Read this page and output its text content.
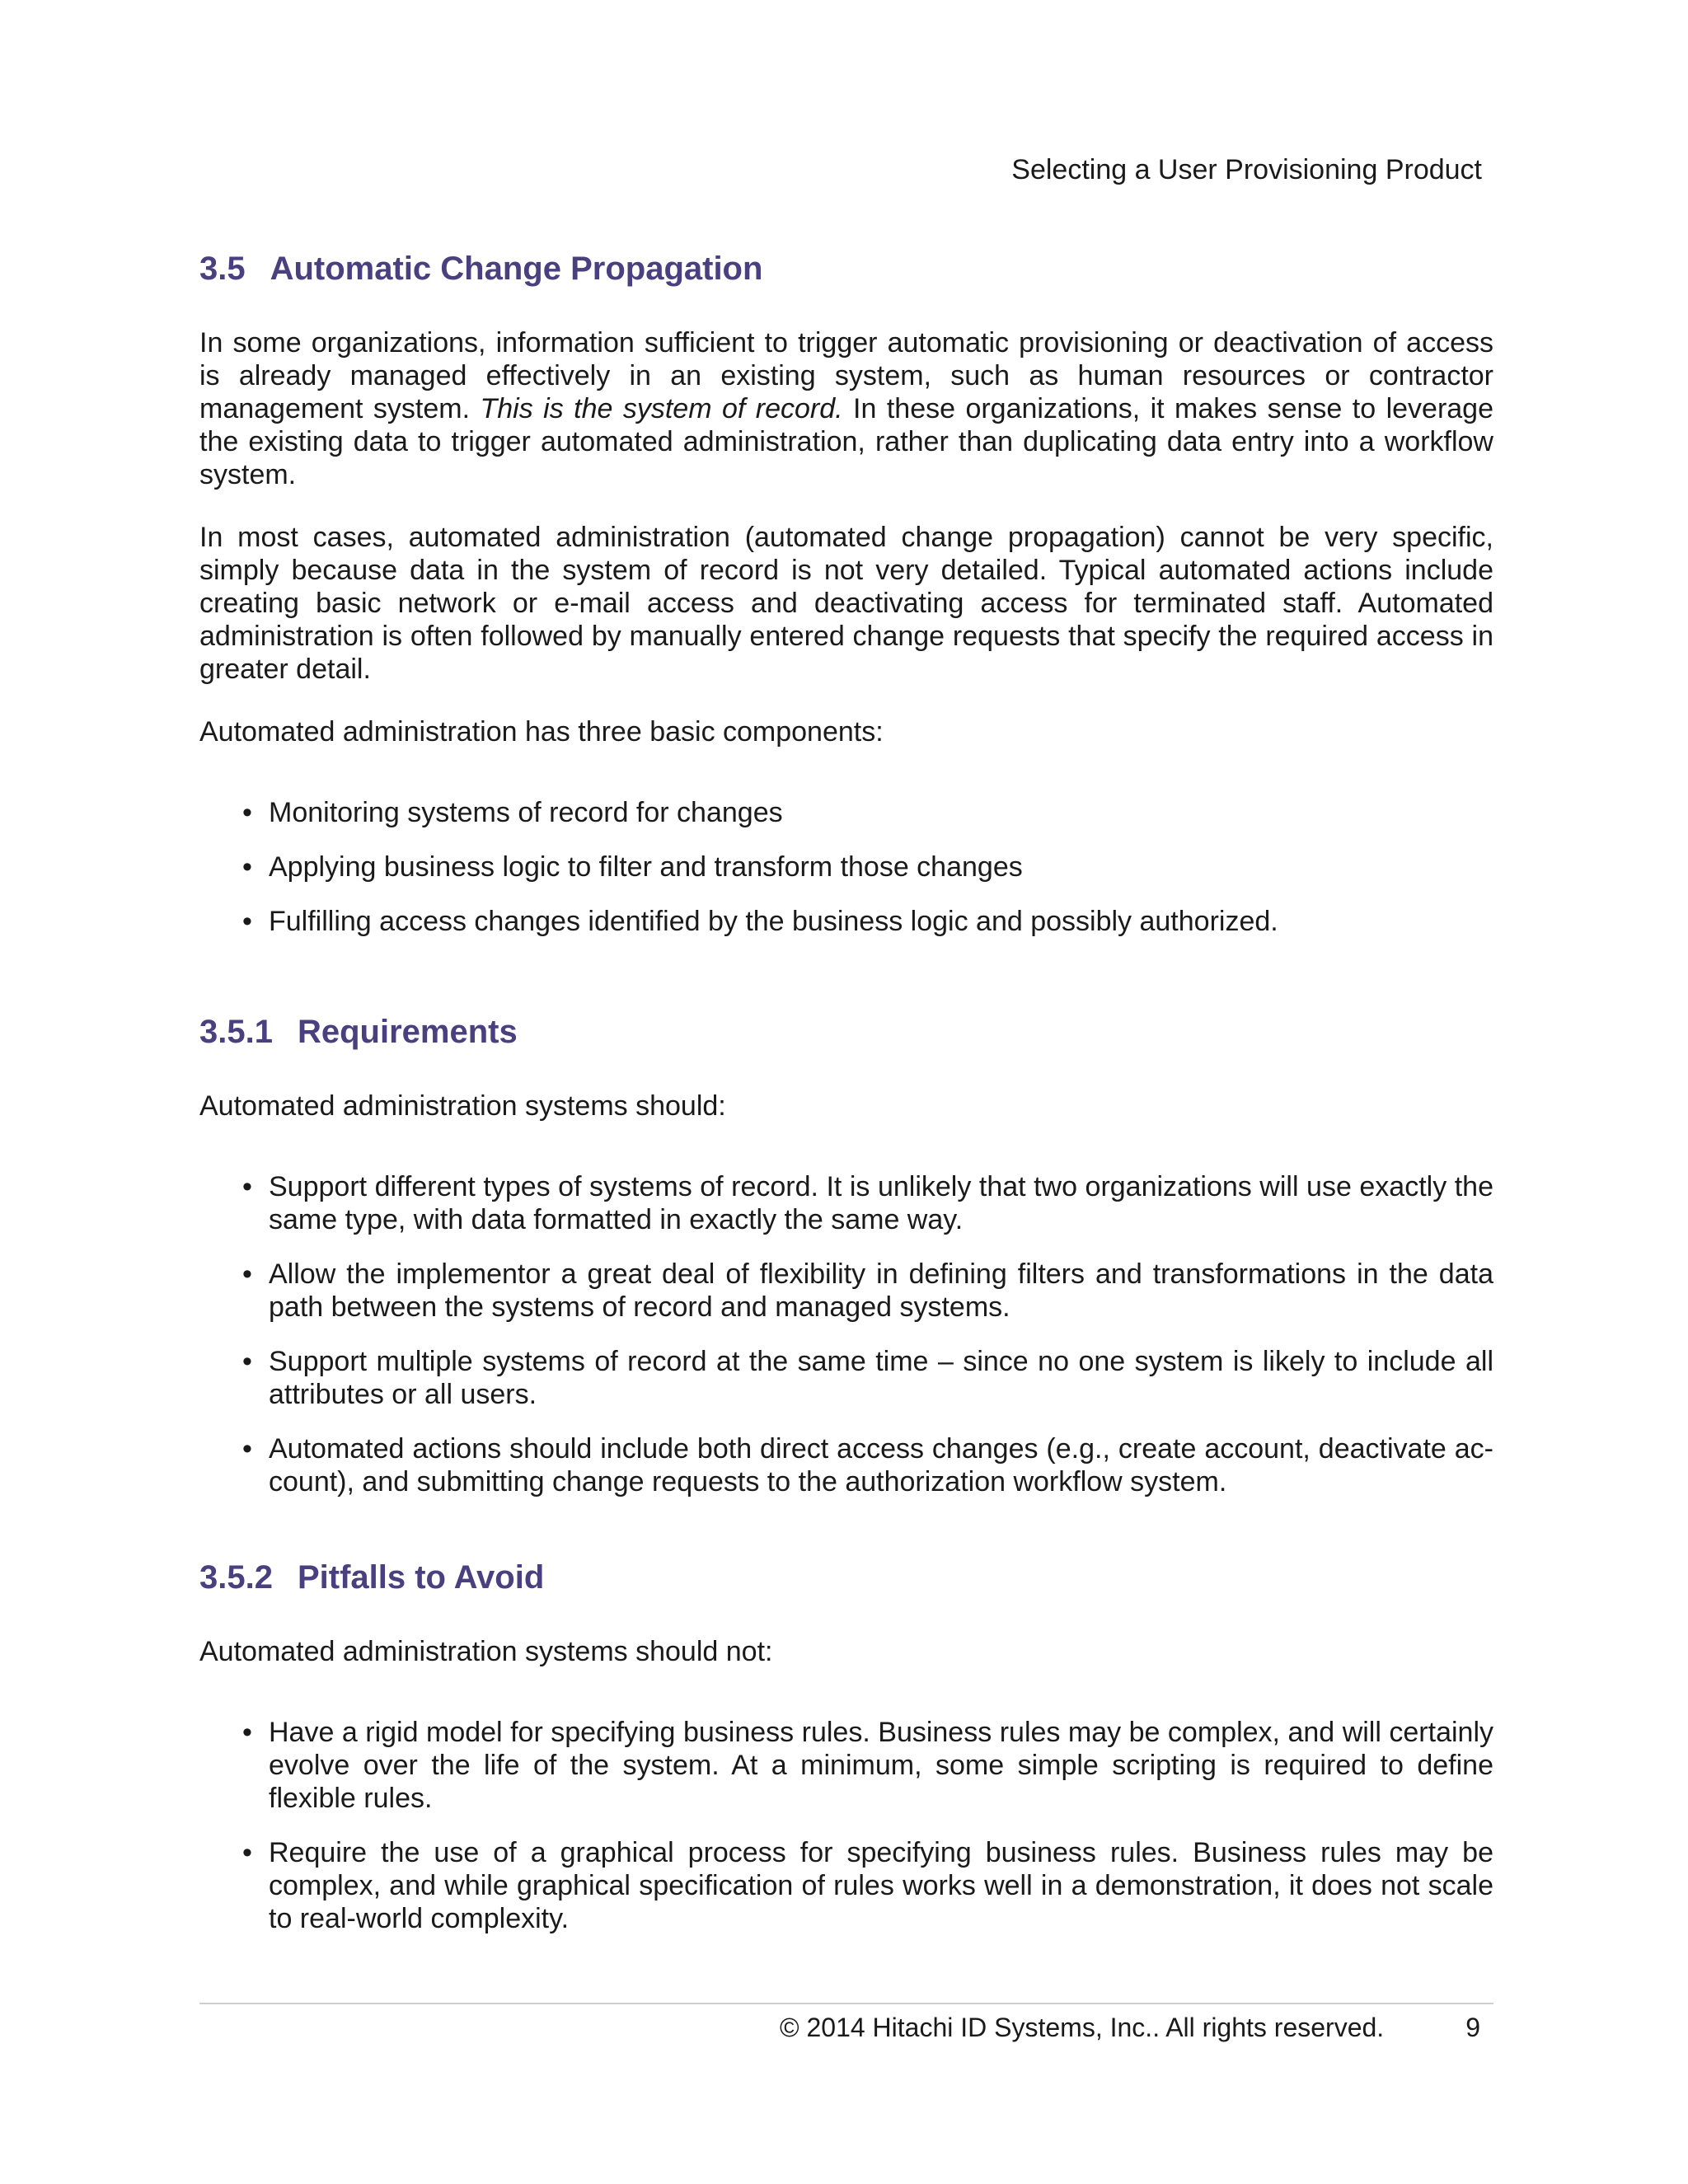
Selecting a User Provisioning Product
3.5 Automatic Change Propagation

In some organizations, information sufficient to trigger automatic provisioning or deactivation of access is already managed effectively in an existing system, such as human resources or contractor management system. This is the system of record. In these organizations, it makes sense to leverage the existing data to trigger automated administration, rather than duplicating data entry into a workflow system.

In most cases, automated administration (automated change propagation) cannot be very specific, simply because data in the system of record is not very detailed. Typical automated actions include creating basic network or e-mail access and deactivating access for terminated staff. Automated administration is often followed by manually entered change requests that specify the required access in greater detail.

Automated administration has three basic components:

• Monitoring systems of record for changes
• Applying business logic to filter and transform those changes
• Fulfilling access changes identified by the business logic and possibly authorized.
3.5.1 Requirements

Automated administration systems should:

• Support different types of systems of record. It is unlikely that two organizations will use exactly the same type, with data formatted in exactly the same way.
• Allow the implementor a great deal of flexibility in defining filters and transformations in the data path between the systems of record and managed systems.
• Support multiple systems of record at the same time – since no one system is likely to include all attributes or all users.
• Automated actions should include both direct access changes (e.g., create account, deactivate account), and submitting change requests to the authorization workflow system.
3.5.2 Pitfalls to Avoid

Automated administration systems should not:

• Have a rigid model for specifying business rules. Business rules may be complex, and will certainly evolve over the life of the system. At a minimum, some simple scripting is required to define flexible rules.
• Require the use of a graphical process for specifying business rules. Business rules may be complex, and while graphical specification of rules works well in a demonstration, it does not scale to real-world complexity.
© 2014 Hitachi ID Systems, Inc.. All rights reserved.	9
